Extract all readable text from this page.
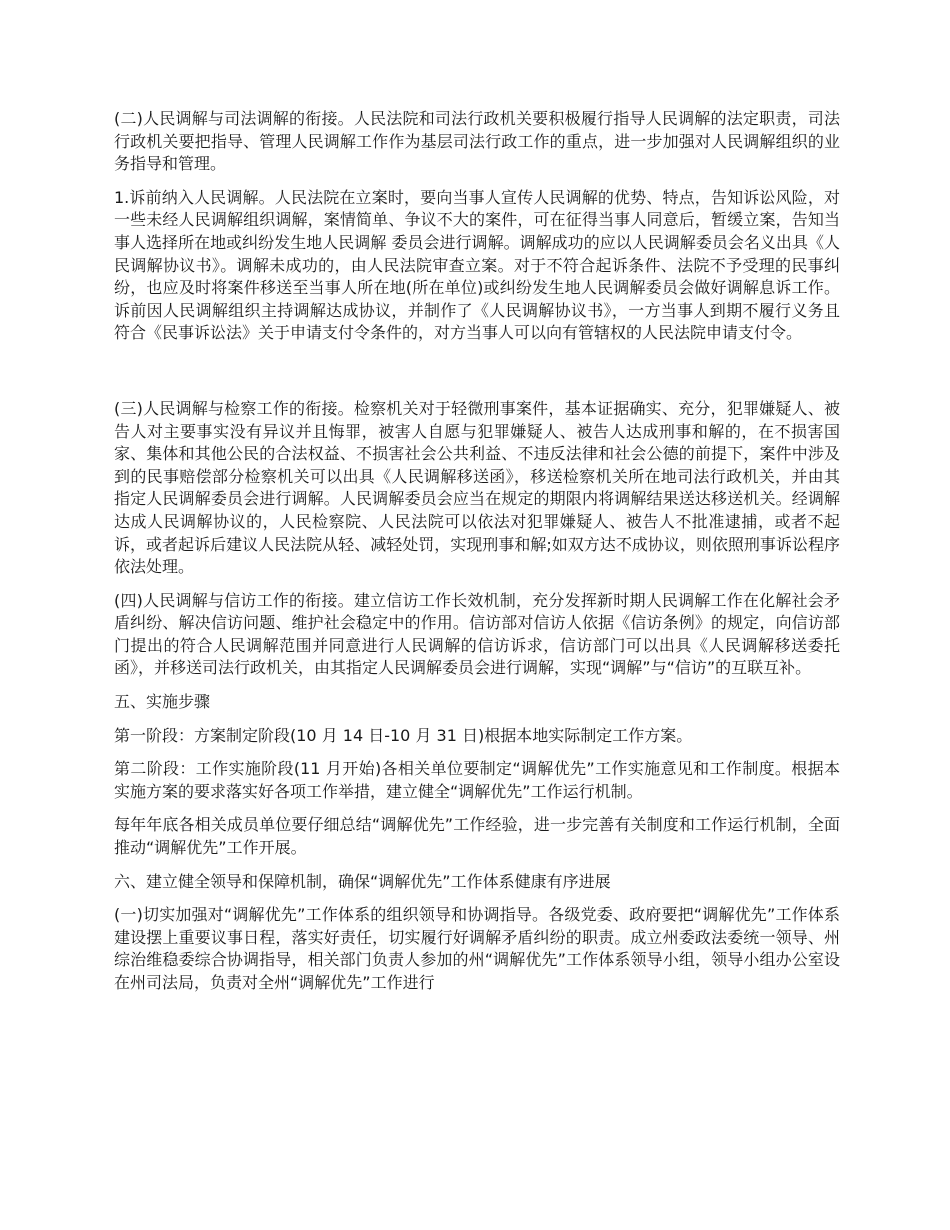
(二)人民调解与司法调解的衔接。人民法院和司法行政机关要积极履行指导人民调解的法定职责，司法行政机关要把指导、管理人民调解工作作为基层司法行政工作的重点，进一步加强对人民调解组织的业务指导和管理。

1.诉前纳入人民调解。人民法院在立案时，要向当事人宣传人民调解的优势、特点，告知诉讼风险，对一些未经人民调解组织调解，案情简单、争议不大的案件，可在征得当事人同意后，暂缓立案，告知当事人选择所在地或纠纷发生地人民调解 委员会进行调解。调解成功的应以人民调解委员会名义出具《人民调解协议书》。调解未成功的，由人民法院审查立案。对于不符合起诉条件、法院不予受理的民事纠纷，也应及时将案件移送至当事人所在地(所在单位)或纠纷发生地人民调解委员会做好调解息诉工作。诉前因人民调解组织主持调解达成协议，并制作了《人民调解协议书》，一方当事人到期不履行义务且符合《民事诉讼法》关于申请支付令条件的，对方当事人可以向有管辖权的人民法院申请支付令。

(三)人民调解与检察工作的衔接。检察机关对于轻微刑事案件，基本证据确实、充分，犯罪嫌疑人、被告人对主要事实没有异议并且悔罪，被害人自愿与犯罪嫌疑人、被告人达成刑事和解的，在不损害国家、集体和其他公民的合法权益、不损害社会公共利益、不违反法律和社会公德的前提下，案件中涉及到的民事赔偿部分检察机关可以出具《人民调解移送函》，移送检察机关所在地司法行政机关，并由其指定人民调解委员会进行调解。人民调解委员会应当在规定的期限内将调解结果送达移送机关。经调解达成人民调解协议的，人民检察院、人民法院可以依法对犯罪嫌疑人、被告人不批准逮捕，或者不起诉，或者起诉后建议人民法院从轻、减轻处罚，实现刑事和解;如双方达不成协议，则依照刑事诉讼程序依法处理。

(四)人民调解与信访工作的衔接。建立信访工作长效机制，充分发挥新时期人民调解工作在化解社会矛盾纠纷、解决信访问题、维护社会稳定中的作用。信访部对信访人依据《信访条例》的规定，向信访部门提出的符合人民调解范围并同意进行人民调解的信访诉求，信访部门可以出具《人民调解移送委托函》，并移送司法行政机关，由其指定人民调解委员会进行调解，实现“调解”与“信访”的互联互补。

五、实施步骤

第一阶段：方案制定阶段(10 月 14 日-10 月 31 日)根据本地实际制定工作方案。

第二阶段：工作实施阶段(11 月开始)各相关单位要制定“调解优先”工作实施意见和工作制度。根据本实施方案的要求落实好各项工作举措，建立健全“调解优先”工作运行机制。

每年年底各相关成员单位要仔细总结“调解优先”工作经验，进一步完善有关制度和工作运行机制，全面推动“调解优先”工作开展。

六、建立健全领导和保障机制，确保“调解优先”工作体系健康有序进展

(一)切实加强对“调解优先”工作体系的组织领导和协调指导。各级党委、政府要把“调解优先”工作体系建设摆上重要议事日程，落实好责任，切实履行好调解矛盾纠纷的职责。成立州委政法委统一领导、州综治维稳委综合协调指导，相关部门负责人参加的州“调解优先”工作体系领导小组，领导小组办公室设在州司法局，负责对全州“调解优先”工作进行
